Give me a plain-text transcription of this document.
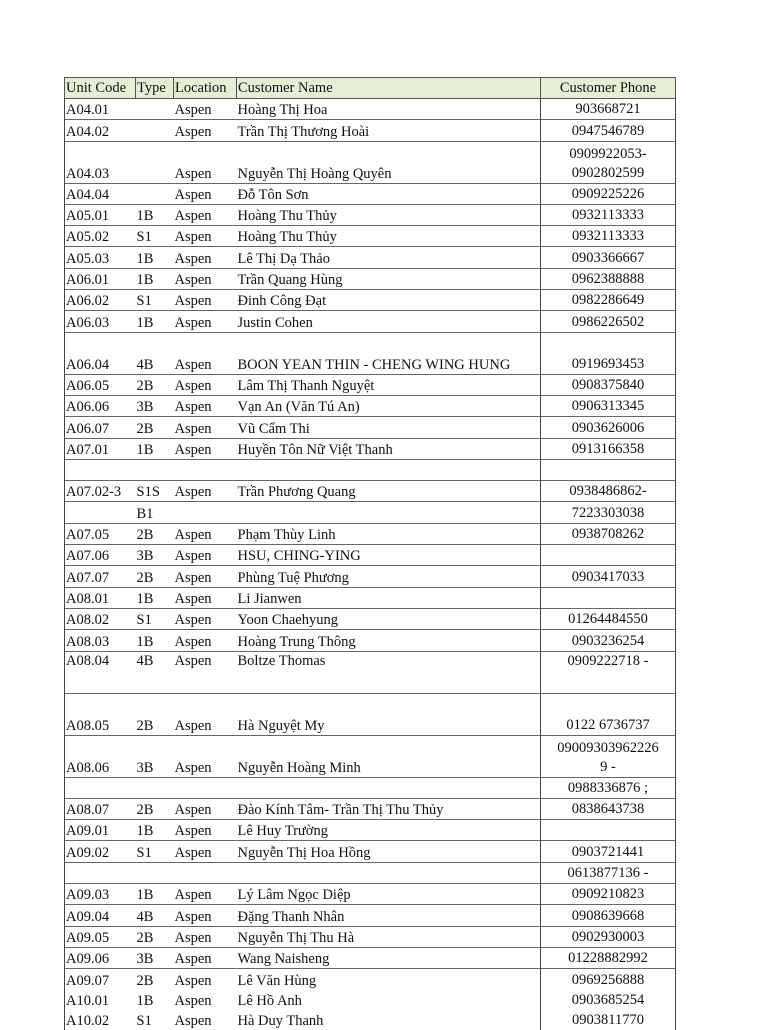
Unit Code	Type	Location	Customer Name	Customer Phone
A04.01		Aspen	Hoàng Thị Hoa	903668721

A04.02		Aspen	Trần Thị Thương Hoài	0947546789

A04.03		Aspen	Nguyễn Thị Hoàng Quyên	0909922053-
0902802599

A04.04		Aspen	Đỗ Tôn Sơn	0909225226

A05.01	1B	Aspen	Hoàng Thu Thủy	0932113333

A05.02	S1	Aspen	Hoàng Thu Thủy	0932113333

A05.03	1B	Aspen	Lê Thị Dạ Thảo	0903366667

A06.01	1B	Aspen	Trần Quang Hùng	0962388888

A06.02	S1	Aspen	Đinh Công Đạt	0982286649

A06.03	1B	Aspen	Justin Cohen	0986226502

A06.04	4B	Aspen	BOON YEAN THIN - CHENG WING HUNG	0919693453

A06.05	2B	Aspen	Lâm Thị Thanh Nguyệt	0908375840

A06.06	3B	Aspen	Vạn An (Văn Tú An)	0906313345

A06.07	2B	Aspen	Vũ Cẩm Thi	0903626006

A07.01	1B	Aspen	Huyền Tôn Nữ Việt Thanh	0913166358

A07.02-3	S1S	Aspen	Trần Phương Quang	0938486862-

	B1			7223303038

A07.05	2B	Aspen	Phạm Thùy Linh	0938708262

A07.06	3B	Aspen	HSU, CHING-YING	

A07.07	2B	Aspen	Phùng Tuệ Phương	0903417033

A08.01	1B	Aspen	Li Jianwen	

A08.02	S1	Aspen	Yoon Chaehyung	01264484550

A08.03	1B	Aspen	Hoàng Trung Thông	0903236254

A08.04	4B	Aspen	Boltze Thomas	0909222718 -

A08.05	2B	Aspen	Hà Nguyệt My	0122 6736737

A08.06	3B	Aspen	Nguyễn Hoàng Minh	09009303962226
9 -

				0988336876 ;

A08.07	2B	Aspen	Đào Kính Tâm- Trần Thị Thu Thủy	0838643738

A09.01	1B	Aspen	Lê Huy Trường	

A09.02	S1	Aspen	Nguyễn Thị Hoa Hồng	0903721441

				0613877136 -

A09.03	1B	Aspen	Lý Lâm Ngọc Diệp	0909210823

A09.04	4B	Aspen	Đặng Thanh Nhân	0908639668

A09.05	2B	Aspen	Nguyễn Thị Thu Hà	0902930003

A09.06	3B	Aspen	Wang Naisheng	01228882992

A09.07	2B	Aspen	Lê Văn Hùng	0969256888

A10.01	1B	Aspen	Lê Hồ Anh	0903685254

A10.02	S1	Aspen	Hà Duy Thanh	0903811770
